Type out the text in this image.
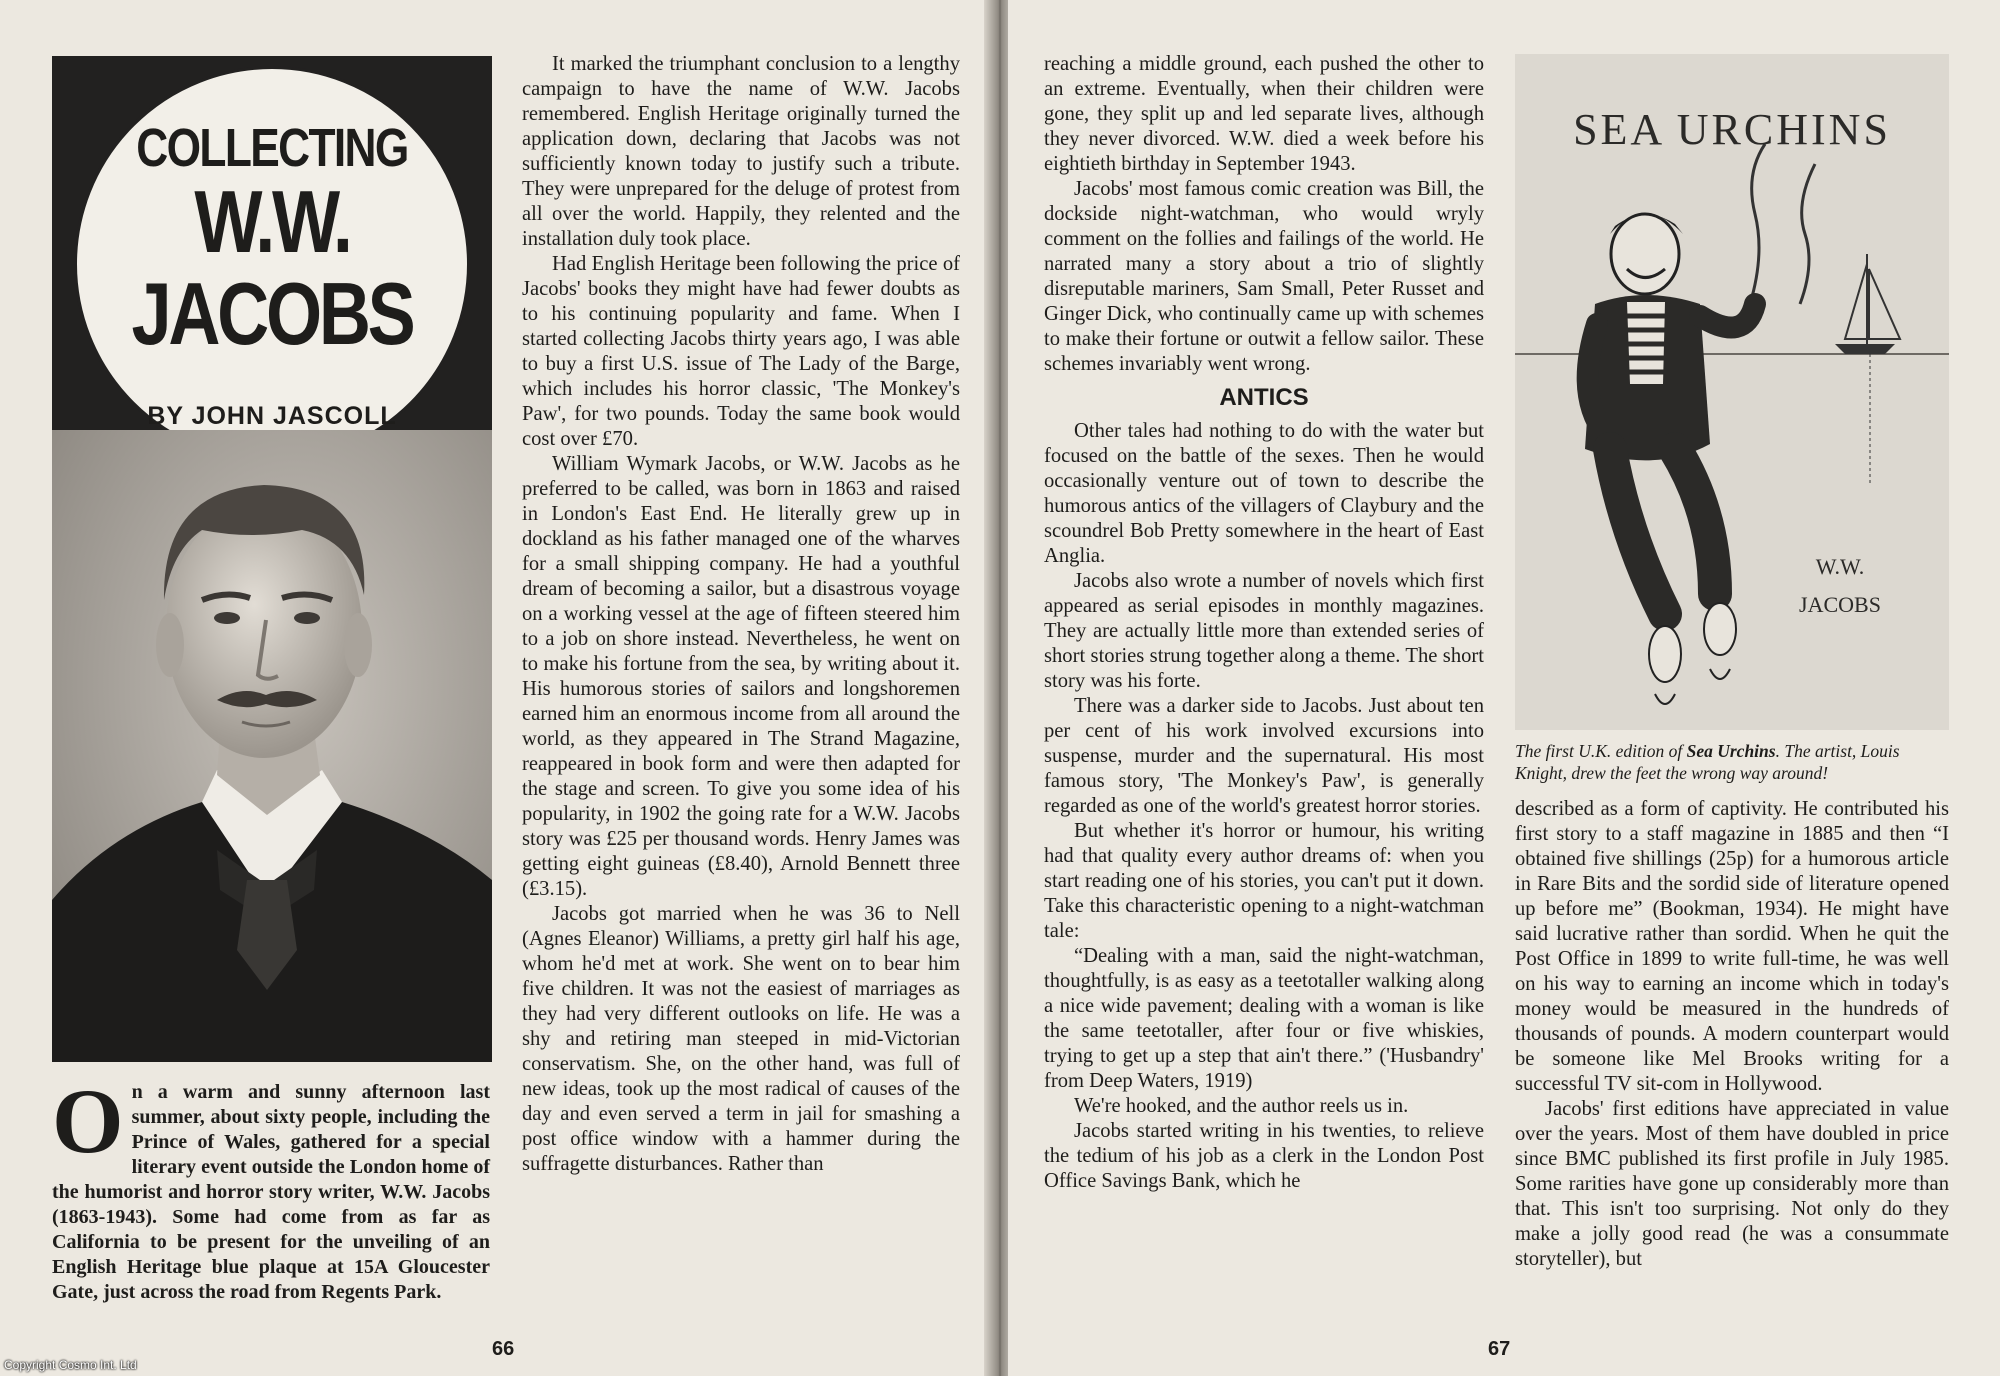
COLLECTING
W.W.
JACOBS
BY JOHN JASCOLL
On a warm and sunny afternoon last summer, about sixty people, including the Prince of Wales, gathered for a special literary event outside the London home of the humorist and horror story writer, W.W. Jacobs (1863-1943). Some had come from as far as California to be present for the unveiling of an English Heritage blue plaque at 15A Gloucester Gate, just across the road from Regents Park.

It marked the triumphant conclusion to a lengthy campaign to have the name of W.W. Jacobs remembered. English Heritage originally turned the application down, declaring that Jacobs was not sufficiently known today to justify such a tribute. They were unprepared for the deluge of protest from all over the world. Happily, they relented and the installation duly took place.

Had English Heritage been following the price of Jacobs' books they might have had fewer doubts as to his continuing popularity and fame. When I started collecting Jacobs thirty years ago, I was able to buy a first U.S. issue of The Lady of the Barge, which includes his horror classic, 'The Monkey's Paw', for two pounds. Today the same book would cost over £70.

William Wymark Jacobs, or W.W. Jacobs as he preferred to be called, was born in 1863 and raised in London's East End. He literally grew up in dockland as his father managed one of the wharves for a small shipping company. He had a youthful dream of becoming a sailor, but a disastrous voyage on a working vessel at the age of fifteen steered him to a job on shore instead. Nevertheless, he went on to make his fortune from the sea, by writing about it. His humorous stories of sailors and longshoremen earned him an enormous income from all around the world, as they appeared in The Strand Magazine, reappeared in book form and were then adapted for the stage and screen. To give you some idea of his popularity, in 1902 the going rate for a W.W. Jacobs story was £25 per thousand words. Henry James was getting eight guineas (£8.40), Arnold Bennett three (£3.15).

Jacobs got married when he was 36 to Nell (Agnes Eleanor) Williams, a pretty girl half his age, whom he'd met at work. She went on to bear him five children. It was not the easiest of marriages as they had very different outlooks on life. He was a shy and retiring man steeped in mid-Victorian conservatism. She, on the other hand, was full of new ideas, took up the most radical of causes of the day and even served a term in jail for smashing a post office window with a hammer during the suffragette disturbances. Rather than

66
Copyright Cosmo Int. Ltd

reaching a middle ground, each pushed the other to an extreme. Eventually, when their children were gone, they split up and led separate lives, although they never divorced. W.W. died a week before his eightieth birthday in September 1943.

Jacobs' most famous comic creation was Bill, the dockside night-watchman, who would wryly comment on the follies and failings of the world. He narrated many a story about a trio of slightly disreputable mariners, Sam Small, Peter Russet and Ginger Dick, who continually came up with schemes to make their fortune or outwit a fellow sailor. These schemes invariably went wrong.

ANTICS

Other tales had nothing to do with the water but focused on the battle of the sexes. Then he would occasionally venture out of town to describe the humorous antics of the villagers of Claybury and the scoundrel Bob Pretty somewhere in the heart of East Anglia.

Jacobs also wrote a number of novels which first appeared as serial episodes in monthly magazines. They are actually little more than extended series of short stories strung together along a theme. The short story was his forte.

There was a darker side to Jacobs. Just about ten per cent of his work involved excursions into suspense, murder and the supernatural. His most famous story, 'The Monkey's Paw', is generally regarded as one of the world's greatest horror stories.

But whether it's horror or humour, his writing had that quality every author dreams of: when you start reading one of his stories, you can't put it down. Take this characteristic opening to a night-watchman tale:

“Dealing with a man, said the night-watchman, thoughtfully, is as easy as a teetotaller walking along a nice wide pavement; dealing with a woman is like the same teetotaller, after four or five whiskies, trying to get up a step that ain't there.” ('Husbandry' from Deep Waters, 1919)

We're hooked, and the author reels us in.

Jacobs started writing in his twenties, to relieve the tedium of his job as a clerk in the London Post Office Savings Bank, which he

described as a form of captivity. He contributed his first story to a staff magazine in 1885 and then “I obtained five shillings (25p) for a humorous article in Rare Bits and the sordid side of literature opened up before me” (Bookman, 1934). He might have said lucrative rather than sordid. When he quit the Post Office in 1899 to write full-time, he was well on his way to earning an income which in today's money would be measured in the hundreds of thousands of pounds. A modern counterpart would be someone like Mel Brooks writing for a successful TV sit-com in Hollywood.

Jacobs' first editions have appreciated in value over the years. Most of them have doubled in price since BMC published its first profile in July 1985. Some rarities have gone up considerably more than that. This isn't too surprising. Not only do they make a jolly good read (he was a consummate storyteller), but

67
SEA URCHINS
W.W.
JACOBS
The first U.K. edition of Sea Urchins. The artist, Louis Knight, drew the feet the wrong way around!
